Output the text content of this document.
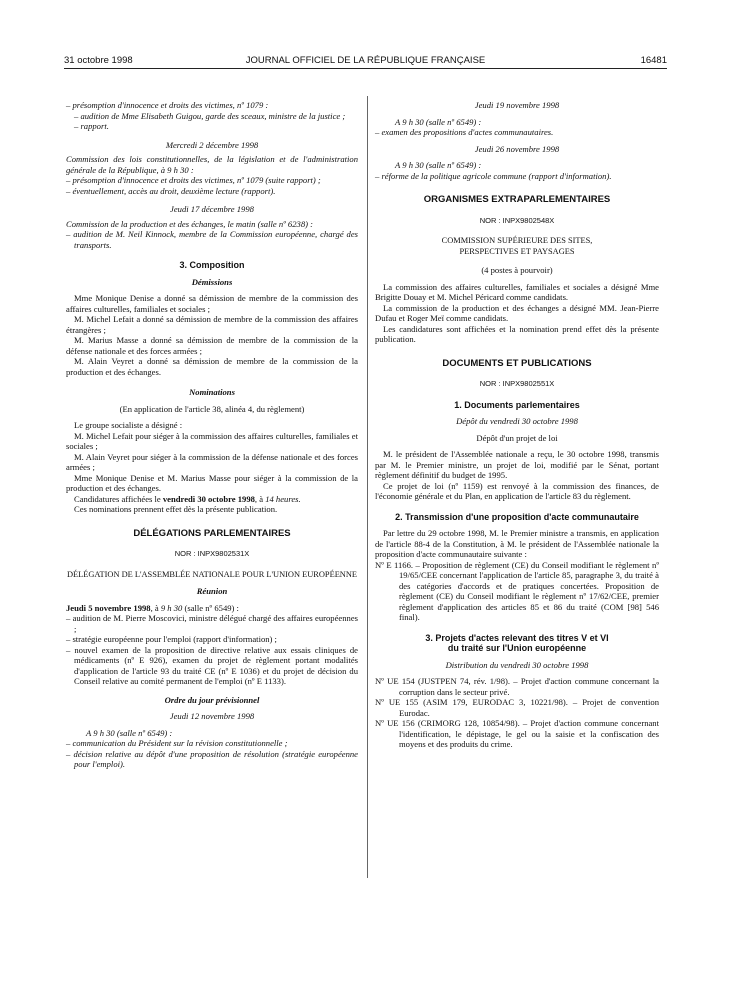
31 octobre 1998	JOURNAL OFFICIEL DE LA RÉPUBLIQUE FRANÇAISE	16481

– présomption d'innocence et droits des victimes, nº 1079 :

– audition de Mme Elisabeth Guigou, garde des sceaux, ministre de la justice ;

– rapport.

Mercredi 2 décembre 1998

Commission des lois constitutionnelles, de la législation et de l'administration générale de la République, à 9 h 30 :

– présomption d'innocence et droits des victimes, nº 1079 (suite rapport) ;

– éventuellement, accès au droit, deuxième lecture (rapport).

Jeudi 17 décembre 1998

Commission de la production et des échanges, le matin (salle nº 6238) :

– audition de M. Neil Kinnock, membre de la Commission européenne, chargé des transports.

3. Composition

Démissions

Mme Monique Denise a donné sa démission de membre de la commission des affaires culturelles, familiales et sociales ;

M. Michel Lefait a donné sa démission de membre de la commission des affaires étrangères ;

M. Marius Masse a donné sa démission de membre de la commission de la défense nationale et des forces armées ;

M. Alain Veyret a donné sa démission de membre de la commission de la production et des échanges.

Nominations

(En application de l'article 38, alinéa 4, du règlement)

Le groupe socialiste a désigné :

M. Michel Lefait pour siéger à la commission des affaires culturelles, familiales et sociales ;

M. Alain Veyret pour siéger à la commission de la défense nationale et des forces armées ;

Mme Monique Denise et M. Marius Masse pour siéger à la commission de la production et des échanges.

Candidatures affichées le vendredi 30 octobre 1998, à 14 heures.

Ces nominations prennent effet dès la présente publication.

DÉLÉGATIONS PARLEMENTAIRES

NOR : INPX9802531X

DÉLÉGATION DE L'ASSEMBLÉE NATIONALE POUR L'UNION EUROPÉENNE

Réunion

Jeudi 5 novembre 1998, à 9 h 30 (salle nº 6549) :

– audition de M. Pierre Moscovici, ministre délégué chargé des affaires européennes ;

– stratégie européenne pour l'emploi (rapport d'information) ;

– nouvel examen de la proposition de directive relative aux essais cliniques de médicaments (nº E 926), examen du projet de règlement portant modalités d'application de l'article 93 du traité CE (nº E 1036) et du projet de décision du Conseil relative au comité permanent de l'emploi (nº E 1133).

Ordre du jour prévisionnel

Jeudi 12 novembre 1998

A 9 h 30 (salle nº 6549) :

– communication du Président sur la révision constitutionnelle ;

– décision relative au dépôt d'une proposition de résolution (stratégie européenne pour l'emploi).

Jeudi 19 novembre 1998

A 9 h 30 (salle nº 6549) :

– examen des propositions d'actes communautaires.

Jeudi 26 novembre 1998

A 9 h 30 (salle nº 6549) :

– réforme de la politique agricole commune (rapport d'information).

ORGANISMES EXTRAPARLEMENTAIRES

NOR : INPX9802548X

COMMISSION SUPÉRIEURE DES SITES, PERSPECTIVES ET PAYSAGES

(4 postes à pourvoir)

La commission des affaires culturelles, familiales et sociales a désigné Mme Brigitte Douay et M. Michel Péricard comme candidats.

La commission de la production et des échanges a désigné MM. Jean-Pierre Dufau et Roger Meï comme candidats.

Les candidatures sont affichées et la nomination prend effet dès la présente publication.

DOCUMENTS ET PUBLICATIONS

NOR : INPX9802551X

1. Documents parlementaires

Dépôt du vendredi 30 octobre 1998

Dépôt d'un projet de loi

M. le président de l'Assemblée nationale a reçu, le 30 octobre 1998, transmis par M. le Premier ministre, un projet de loi, modifié par le Sénat, portant règlement définitif du budget de 1995.

Ce projet de loi (nº 1159) est renvoyé à la commission des finances, de l'économie générale et du Plan, en application de l'article 83 du règlement.

2. Transmission d'une proposition d'acte communautaire

Par lettre du 29 octobre 1998, M. le Premier ministre a transmis, en application de l'article 88-4 de la Constitution, à M. le président de l'Assemblée nationale la proposition d'acte communautaire suivante :

Nº E 1166. – Proposition de règlement (CE) du Conseil modifiant le règlement nº 19/65/CEE concernant l'application de l'article 85, paragraphe 3, du traité à des catégories d'accords et de pratiques concertées. Proposition de règlement (CE) du Conseil modifiant le règlement nº 17/62/CEE, premier règlement d'application des articles 85 et 86 du traité (COM [98] 546 final).

3. Projets d'actes relevant des titres V et VI

du traité sur l'Union européenne

Distribution du vendredi 30 octobre 1998

Nº UE 154 (JUSTPEN 74, rév. 1/98). – Projet d'action commune concernant la corruption dans le secteur privé.

Nº UE 155 (ASIM 179, EURODAC 3, 10221/98). – Projet de convention Eurodac.

Nº UE 156 (CRIMORG 128, 10854/98). – Projet d'action commune concernant l'identification, le dépistage, le gel ou la saisie et la confiscation des moyens et des produits du crime.
